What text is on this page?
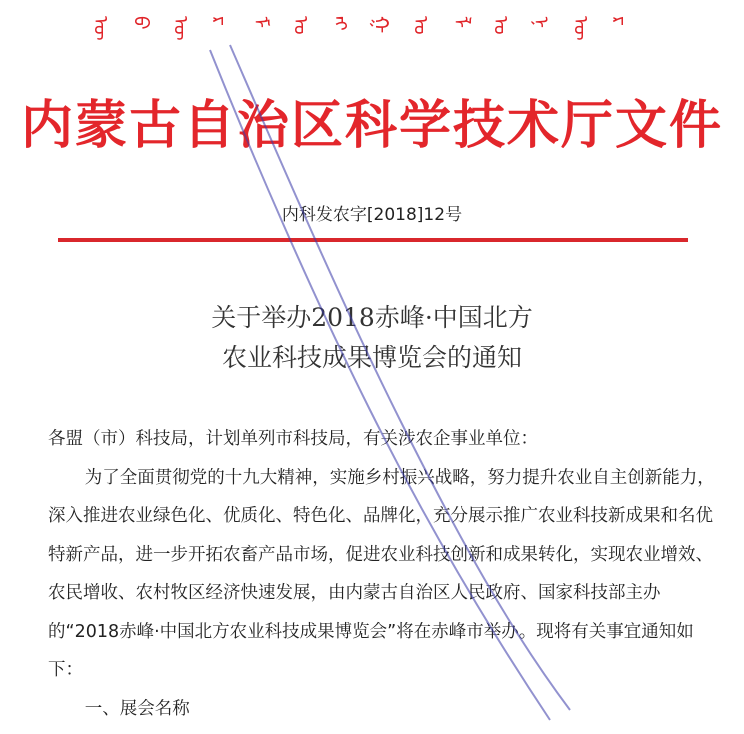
ᠥ ᠪ ᠥ ᠷ ᠮ ᠣ ᠩ ᠭ ᠣ ᠯ ᠤ ᠨ ᠥ ᠷ
内蒙古自治区科学技术厅文件
内科发农字[2018]12号
关于举办2018赤峰·中国北方
农业科技成果博览会的通知

各盟（市）科技局，计划单列市科技局，有关涉农企事业单位：

为了全面贯彻党的十九大精神，实施乡村振兴战略，努力提升农业自主创新能力，深入推进农业绿色化、优质化、特色化、品牌化，充分展示推广农业科技新成果和名优特新产品，进一步开拓农畜产品市场，促进农业科技创新和成果转化，实现农业增效、农民增收、农村牧区经济快速发展，由内蒙古自治区人民政府、国家科技部主办的“2018赤峰·中国北方农业科技成果博览会”将在赤峰市举办。现将有关事宜通知如下：

一、展会名称
